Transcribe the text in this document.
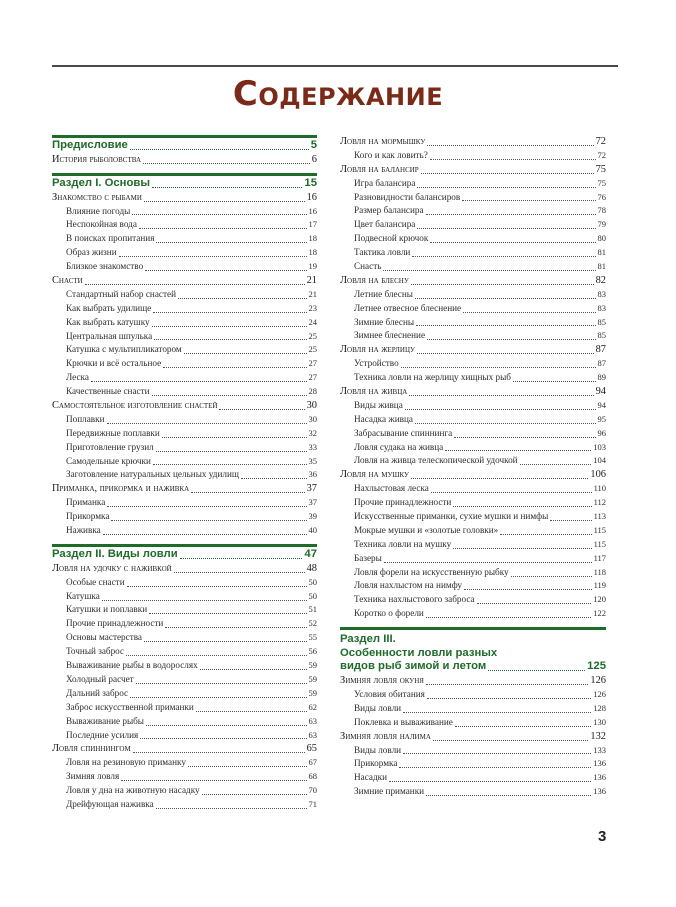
Содержание
Предисловие	5
История рыболовства	6
Раздел I. Основы	15
Знакомство с рыбами	16
Влияние погоды	16
Неспокойная вода	17
В поисках пропитания	18
Образ жизни	18
Близкое знакомство	19
Снасти	21
Стандартный набор снастей	21
Как выбрать удилище	23
Как выбрать катушку	24
Центральная шпулька	25
Катушка с мультипликатором	25
Крючки и всё остальное	27
Леска	27
Качественные снасти	28
Самостоятельное изготовление снастей	30
Поплавки	30
Передвижные поплавки	32
Приготовление грузил	33
Самодельные крючки	35
Заготовление натуральных цельных удилищ	36
Приманка, прикормка и наживка	37
Приманка	37
Прикормка	39
Наживка	40
Раздел II. Виды ловли	47
Ловля на удочку с наживкой	48
Особые снасти	50
Катушка	50
Катушки и поплавки	51
Прочие принадлежности	52
Основы мастерства	55
Точный заброс	56
Вываживание рыбы в водорослях	59
Холодный расчет	59
Дальний заброс	59
Заброс искусственной приманки	62
Вываживание рыбы	63
Последние усилия	63
Ловля спиннингом	65
Ловля на резиновую приманку	67
Зимняя ловля	68
Ловля у дна на животную насадку	70
Дрейфующая наживка	71
Ловля на мормышку	72
Кого и как ловить?	72
Ловля на балансир	75
Игра балансира	75
Разновидности балансиров	76
Размер балансира	78
Цвет балансира	79
Подвесной крючок	80
Тактика ловли	81
Снасть	81
Ловля на блесну	82
Летние блесны	83
Летнее отвесное блеснение	83
Зимние блесны	85
Зимнее блеснение	85
Ловля на жерлицу	87
Устройство	87
Техника ловли на жерлицу хищных рыб	89
Ловля на живца	94
Виды живца	94
Насадка живца	95
Забрасывание спиннинга	96
Ловля судака на живца	103
Ловля на живца телескопической удочкой	104
Ловля на мушку	106
Нахлыстовая леска	110
Прочие принадлежности	112
Искусственные приманки, сухие мушки и нимфы	113
Мокрые мушки и «золотые головки»	115
Техника ловли на мушку	115
Базеры	117
Ловля форели на искусственную рыбку	118
Ловля нахлыстом на нимфу	119
Техника нахлыстового заброса	120
Коротко о форели	122
Раздел III.
Особенности ловли разных
видов рыб зимой и летом	125
Зимняя ловля окуня	126
Условия обитания	126
Виды ловли	128
Поклевка и вываживание	130
Зимняя ловля налима	132
Виды ловли	133
Прикормка	136
Насадки	136
Зимние приманки	136
3
